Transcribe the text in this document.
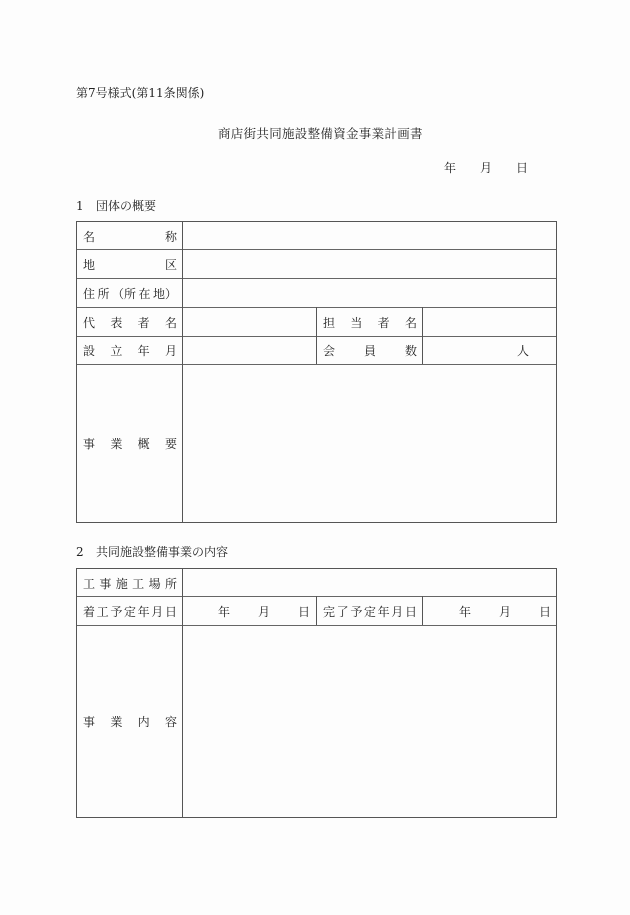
第7号様式(第11条関係)
商店街共同施設整備資金事業計画書
年 月 日
1 団体の概要
名	称
地	区
住 所 （所 在 地）
代 表 者 名	担 当 者 名
設 立 年 月	会 員 数	人
事 業 概 要
2 共同施設整備事業の内容
工 事 施 工 場 所
着 工 予 定 年 月 日	年 月 日 完 了 予 定 年 月 日	年 月 日
事 業 内 容
